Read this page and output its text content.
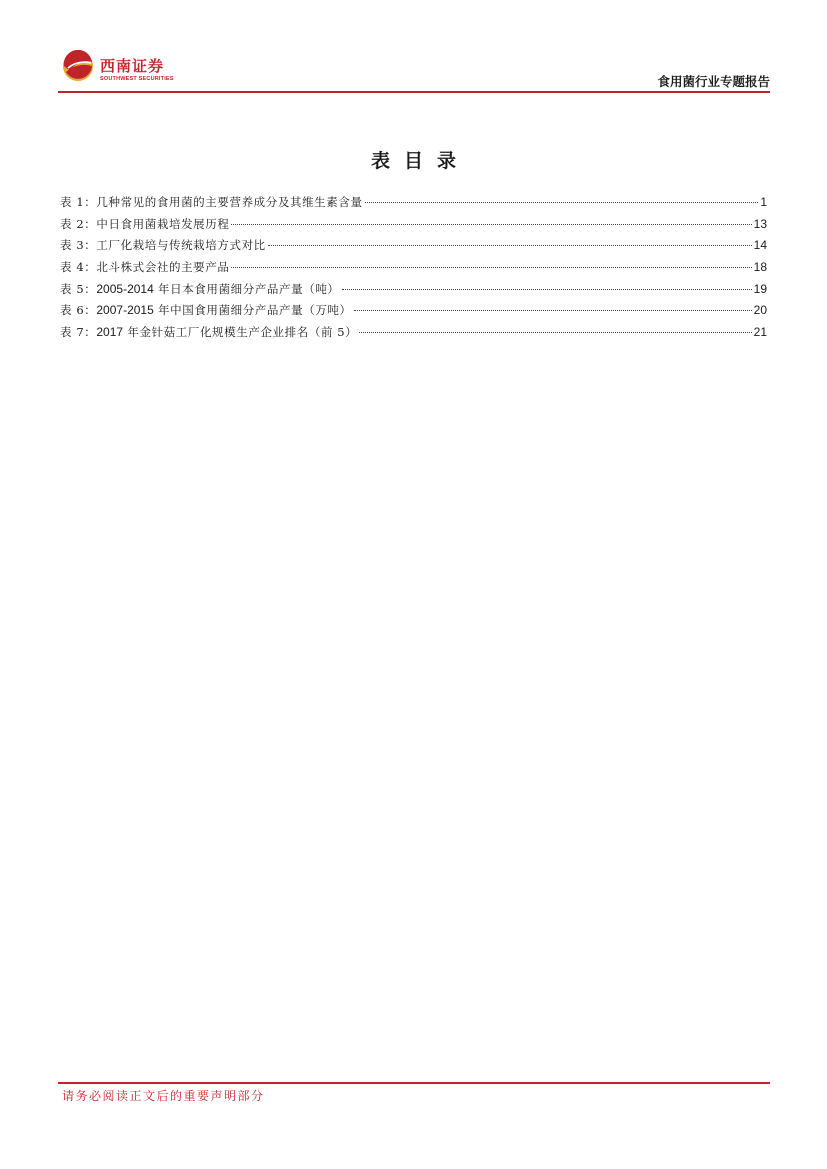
西南证券
SOUTHWEST SECURITIES	食用菌行业专题报告
表目录
表 1：几种常见的食用菌的主要营养成分及其维生素含量	1
表 2：中日食用菌栽培发展历程	13
表 3：工厂化栽培与传统栽培方式对比	14
表 4：北斗株式会社的主要产品	18
表 5：2005-2014 年日本食用菌细分产品产量（吨）	19
表 6：2007-2015 年中国食用菌细分产品产量（万吨）	20
表 7：2017 年金针菇工厂化规模生产企业排名（前 5）	21
请务必阅读正文后的重要声明部分
